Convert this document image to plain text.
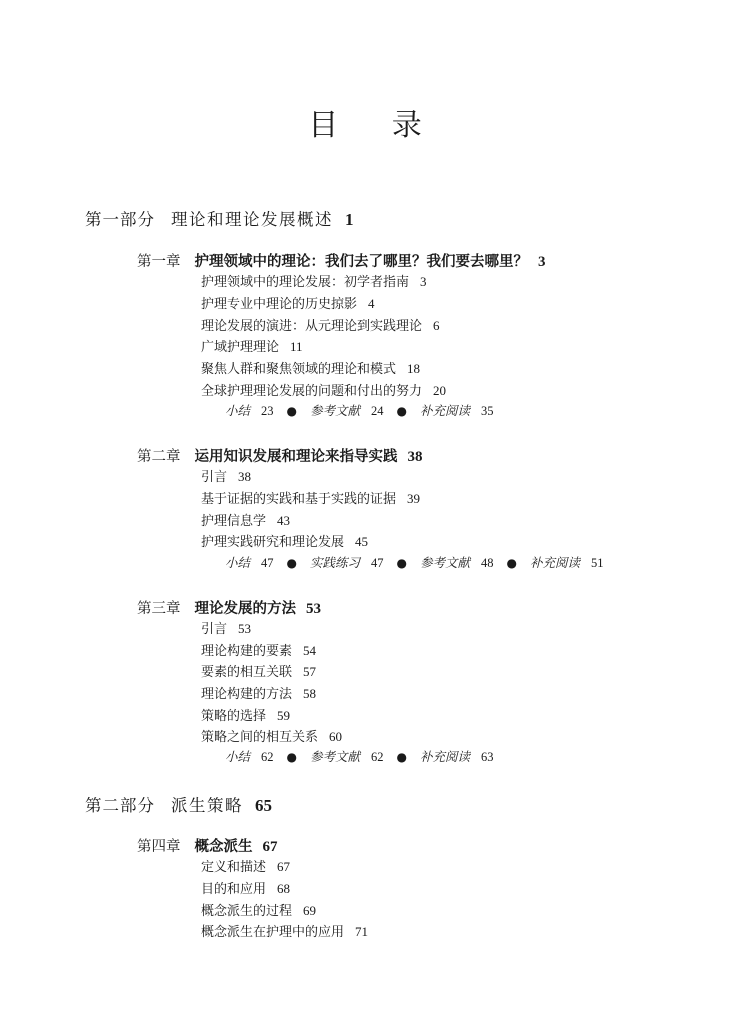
目 录
第一部分 理论和理论发展概述 1
第一章 护理领域中的理论：我们去了哪里？我们要去哪里？ 3
护理领域中的理论发展：初学者指南 3
护理专业中理论的历史掠影 4
理论发展的演进：从元理论到实践理论 6
广域护理理论 11
聚焦人群和聚焦领域的理论和模式 18
全球护理理论发展的问题和付出的努力 20
小结 23 ● 参考文献 24 ● 补充阅读 35
第二章 运用知识发展和理论来指导实践 38
引言 38
基于证据的实践和基于实践的证据 39
护理信息学 43
护理实践研究和理论发展 45
小结 47 ● 实践练习 47 ● 参考文献 48 ● 补充阅读 51
第三章 理论发展的方法 53
引言 53
理论构建的要素 54
要素的相互关联 57
理论构建的方法 58
策略的选择 59
策略之间的相互关系 60
小结 62 ● 参考文献 62 ● 补充阅读 63
第二部分 派生策略 65
第四章 概念派生 67
定义和描述 67
目的和应用 68
概念派生的过程 69
概念派生在护理中的应用 71
